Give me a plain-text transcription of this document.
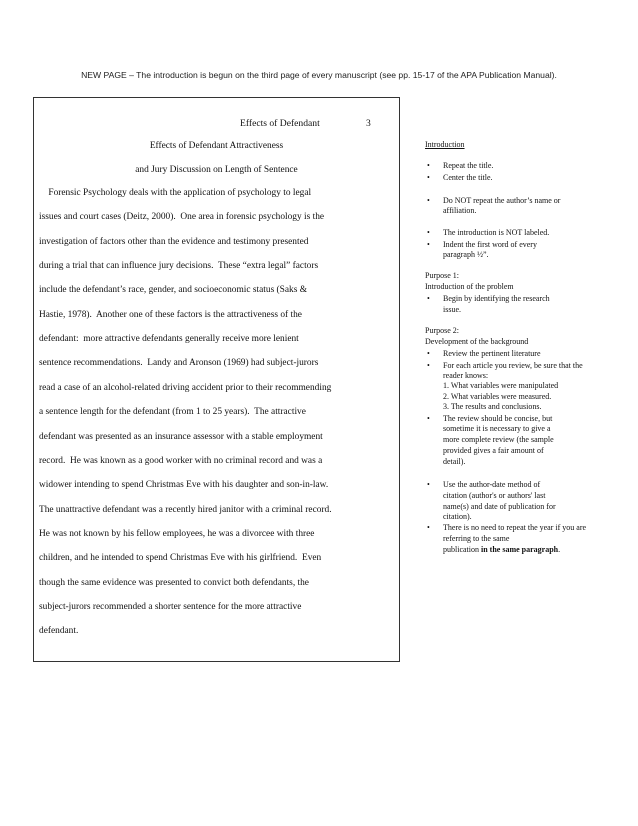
NEW PAGE – The introduction is begun on the third page of every manuscript (see pp. 15-17 of the APA Publication Manual).
Effects of Defendant	3
Effects of Defendant Attractiveness
and Jury Discussion on Length of Sentence
Forensic Psychology deals with the application of psychology to legal
issues and court cases (Deitz, 2000).  One area in forensic psychology is the
investigation of factors other than the evidence and testimony presented
during a trial that can influence jury decisions.  These “extra legal” factors
include the defendant’s race, gender, and socioeconomic status (Saks &
Hastie, 1978).  Another one of these factors is the attractiveness of the
defendant:  more attractive defendants generally receive more lenient
sentence recommendations.  Landy and Aronson (1969) had subject-jurors
read a case of an alcohol-related driving accident prior to their recommending
a sentence length for the defendant (from 1 to 25 years).  The attractive
defendant was presented as an insurance assessor with a stable employment
record.  He was known as a good worker with no criminal record and was a
widower intending to spend Christmas Eve with his daughter and son-in-law.
The unattractive defendant was a recently hired janitor with a criminal record.
He was not known by his fellow employees, he was a divorcee with three
children, and he intended to spend Christmas Eve with his girlfriend.  Even
though the same evidence was presented to convict both defendants, the
subject-jurors recommended a shorter sentence for the more attractive
defendant.
Introduction
• Repeat the title.
• Center the title.
• Do NOT repeat the author’s name or
affiliation.
• The introduction is NOT labeled.
• Indent the first word of every
paragraph ½”.
Purpose 1:
Introduction of the problem
• Begin by identifying the research
issue.
Purpose 2:
Development of the background
• Review the pertinent literature
• For each article you review, be sure that the
reader knows:
1. What variables were manipulated
2. What variables were measured.
3. The results and conclusions.
• The review should be concise, but
sometime it is necessary to give a
more complete review (the sample
provided gives a fair amount of
detail).
• Use the author-date method of
citation (author's or authors' last
name(s) and date of publication for
citation).
• There is no need to repeat the year if you are
referring to the same
publication in the same paragraph.
